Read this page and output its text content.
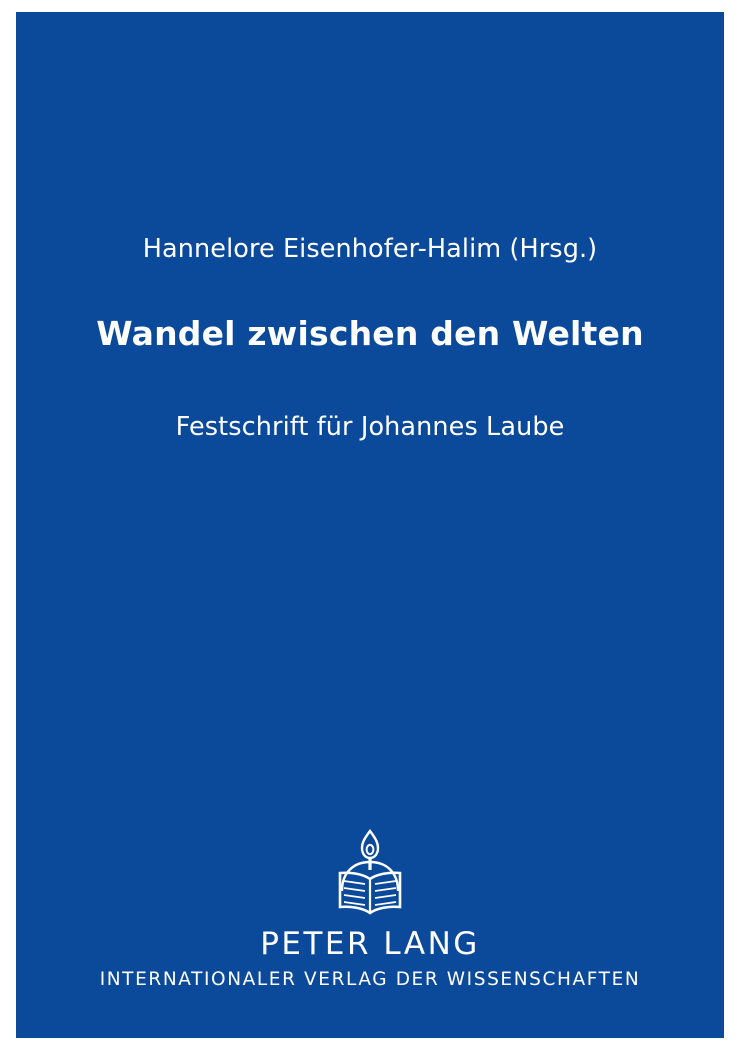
Hannelore Eisenhofer-Halim (Hrsg.)
Wandel zwischen den Welten
Festschrift für Johannes Laube
PETER LANG
INTERNATIONALER VERLAG DER WISSENSCHAFTEN
